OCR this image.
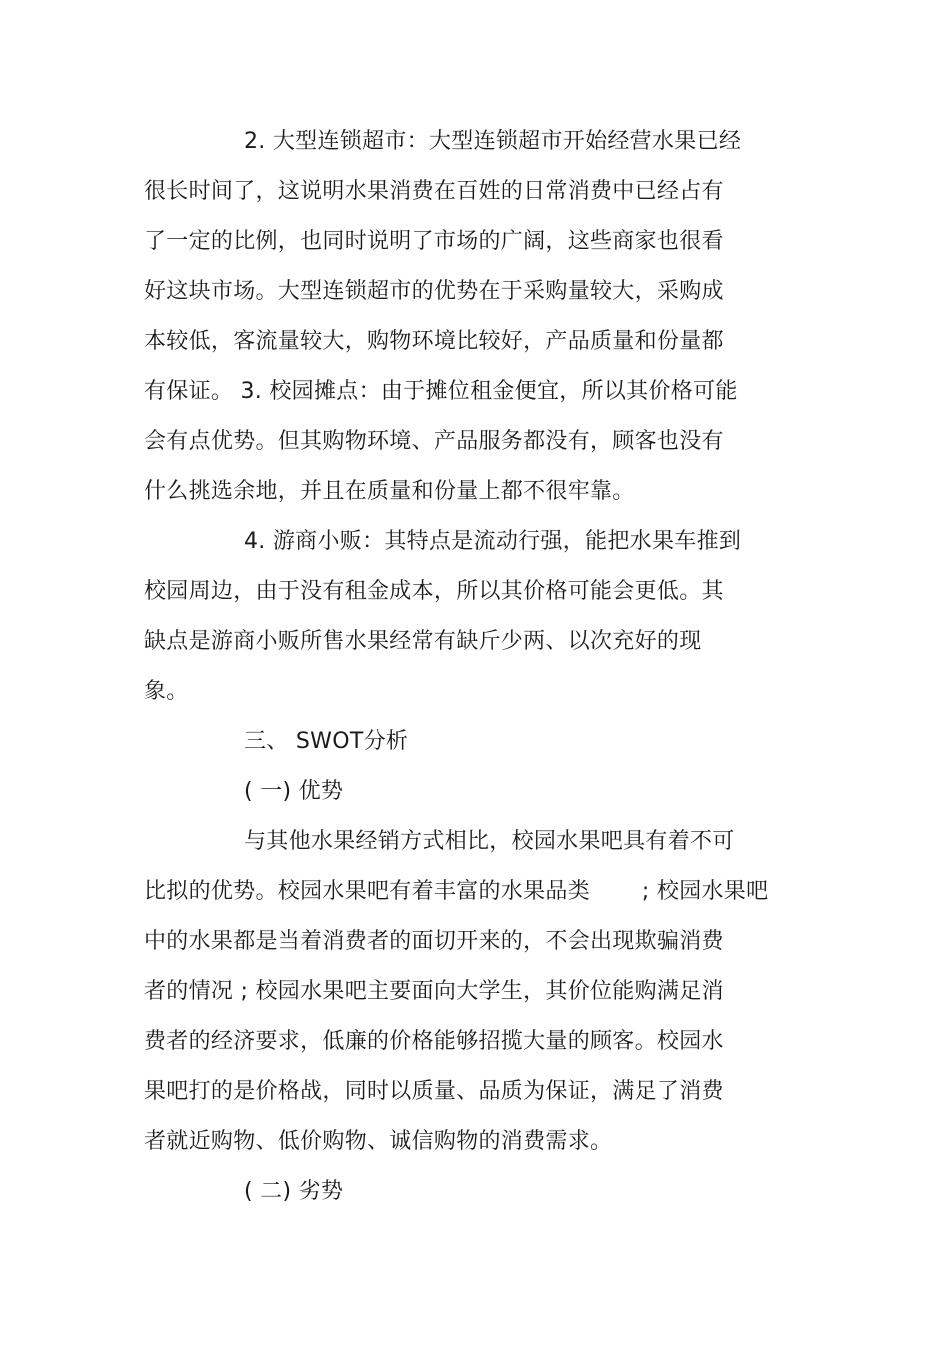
2. 大型连锁超市：大型连锁超市开始经营水果已经
很长时间了，这说明水果消费在百姓的日常消费中已经占有
了一定的比例，也同时说明了市场的广阔，这些商家也很看
好这块市场。大型连锁超市的优势在于采购量较大，采购成
本较低，客流量较大，购物环境比较好，产品质量和份量都
有保证。 3. 校园摊点：由于摊位租金便宜，所以其价格可能
会有点优势。但其购物环境、产品服务都没有，顾客也没有
什么挑选余地，并且在质量和份量上都不很牢靠。
4. 游商小贩：其特点是流动行强，能把水果车推到
校园周边，由于没有租金成本，所以其价格可能会更低。其
缺点是游商小贩所售水果经常有缺斤少两、以次充好的现
象。
三、 SWOT分析
( 一) 优势
与其他水果经销方式相比，校园水果吧具有着不可
比拟的优势。校园水果吧有着丰富的水果品类　　 ; 校园水果吧
中的水果都是当着消费者的面切开来的，不会出现欺骗消费
者的情况 ; 校园水果吧主要面向大学生，其价位能购满足消
费者的经济要求，低廉的价格能够招揽大量的顾客。校园水
果吧打的是价格战，同时以质量、品质为保证，满足了消费
者就近购物、低价购物、诚信购物的消费需求。
( 二) 劣势
